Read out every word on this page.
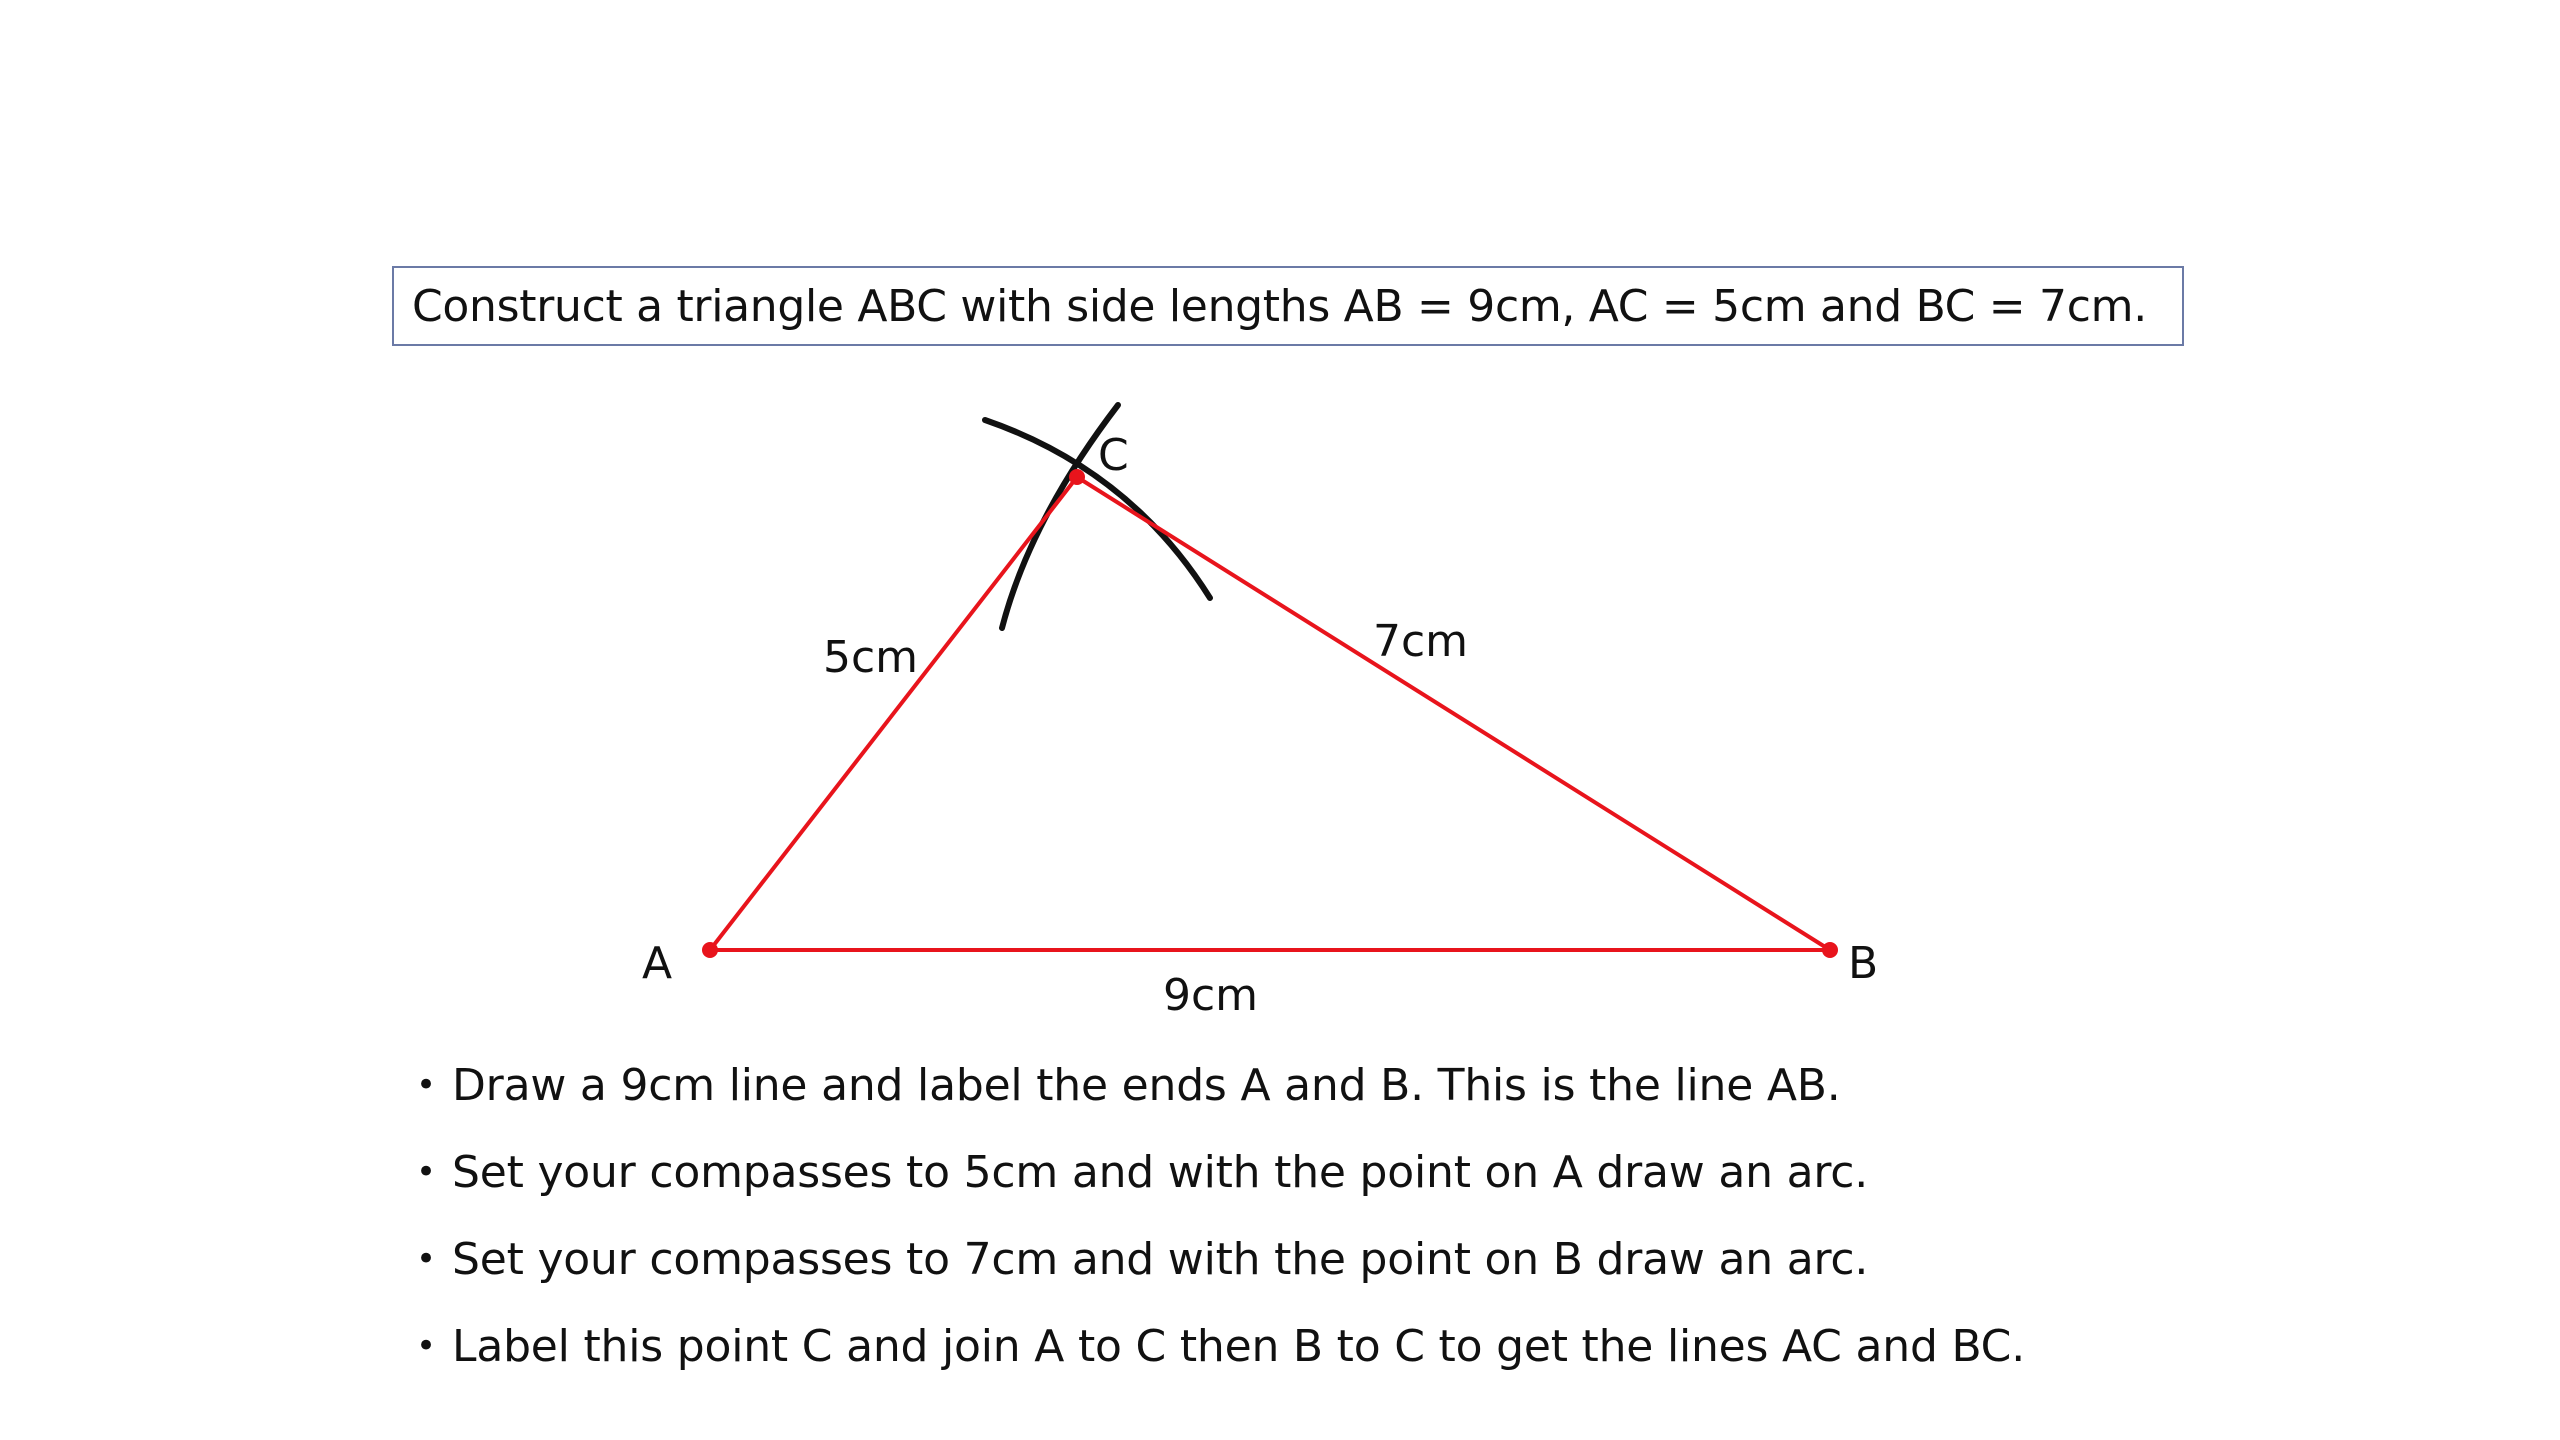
Construct a triangle ABC with side lengths AB = 9cm, AC = 5cm and BC = 7cm.
A	B
C
5cm	7cm
9cm
• Draw a 9cm line and label the ends A and B. This is the line AB.
• Set your compasses to 5cm and with the point on A draw an arc.
• Set your compasses to 7cm and with the point on B draw an arc.
• Label this point C and join A to C then B to C to get the lines AC and BC.
